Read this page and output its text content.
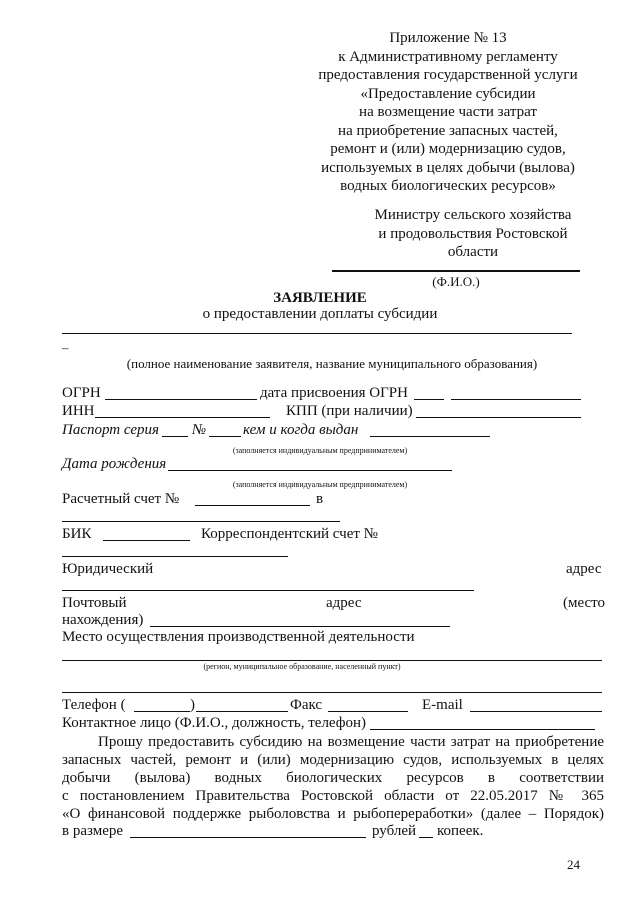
Приложение № 13
к Административному регламенту
предоставления государственной услуги
«Предоставление субсидии
на возмещение части затрат
на приобретение запасных частей,
ремонт и (или) модернизацию судов,
используемых в целях добычи (вылова)
водных биологических ресурсов»
Министру сельского хозяйства
и продовольствия Ростовской
области
(Ф.И.О.)
ЗАЯВЛЕНИЕ
о предоставлении доплаты субсидии
–
(полное наименование заявителя, название муниципального образования)
ОГРН	дата присвоения ОГРН
ИНН	КПП (при наличии)
Паспорт серия № кем и когда выдан
(заполняется индивидуальным предпринимателем)
Дата рождения
(заполняется индивидуальным предпринимателем)
Расчетный счет №	в
БИК	Корреспондентский счет №
Юридический	адрес
Почтовый	адрес	(место
нахождения)
Место осуществления производственной деятельности
(регион, муниципальное образование, населенный пункт)
Телефон (	)	Факс	E-mail
Контактное лицо (Ф.И.О., должность, телефон)
Прошу предоставить субсидию на возмещение части затрат на приобретение
запасных частей, ремонт и (или) модернизацию судов, используемых в целях
добычи (вылова) водных биологических ресурсов в соответствии
с постановлением Правительства Ростовской области от 22.05.2017 № 365
«О финансовой поддержке рыболовства и рыбопереработки» (далее – Порядок)
в размере	рублей копеек.
24
